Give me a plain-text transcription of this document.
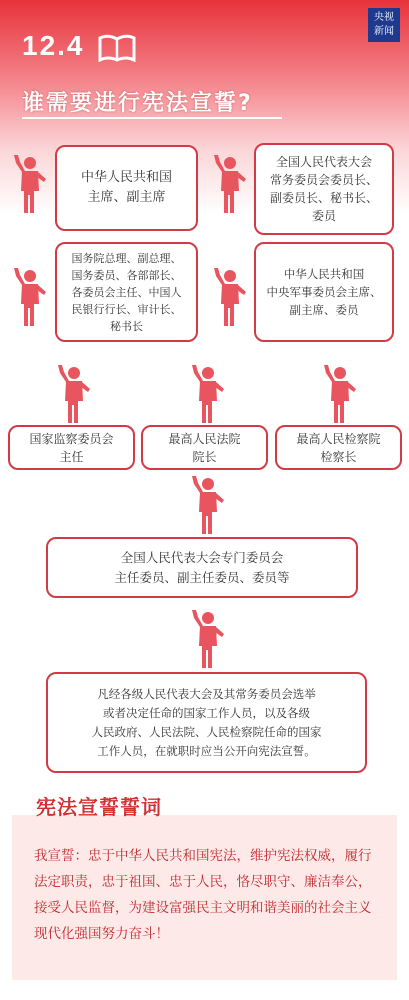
央视
新闻
12.4
谁需要进行宪法宣誓?
中华人民共和国
主席、副主席
全国人民代表大会
常务委员会委员长、
副委员长、秘书长、
委员
国务院总理、副总理、
国务委员、各部部长、
各委员会主任、中国人
民银行行长、审计长、
秘书长
中华人民共和国
中央军事委员会主席、
副主席、委员
国家监察委员会
主任
最高人民法院
院长
最高人民检察院
检察长
全国人民代表大会专门委员会
主任委员、副主任委员、委员等
凡经各级人民代表大会及其常务委员会选举
或者决定任命的国家工作人员，以及各级
人民政府、人民法院、人民检察院任命的国家
工作人员，在就职时应当公开向宪法宣誓。
我宣誓：忠于中华人民共和国宪法，维护宪法权威，履行法定职责，忠于祖国、忠于人民，恪尽职守、廉洁奉公，接受人民监督，为建设富强民主文明和谐美丽的社会主义现代化强国努力奋斗！
宪法宣誓誓词
